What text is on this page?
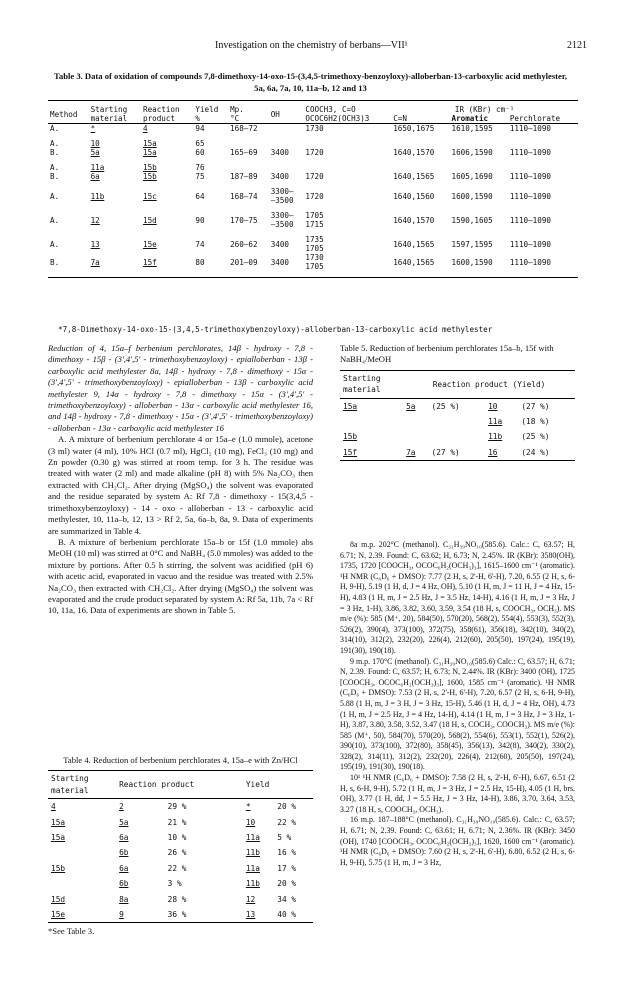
Investigation on the chemistry of berbans—VII¹	2121
Table 3. Data of oxidation of compounds 7,8-dimethoxy-14-oxo-15-(3,4,5-trimethoxy-benzoyloxy)-alloberban-13-carboxylic acid methylester, 5a, 6a, 7a, 10, 11a–b, 12 and 13
Method	Starting	Reaction	Yield	Mp.	OH	COOCH3, C=O	IR (KBr) cm⁻¹		
	material	product	%	°C		OCOC6H2(OCH3)3	C=N	Aromatic	Perchlorate
A.	*	4	94	168–72		1730	1650,1675	1610,1595	1110–1090

A.	10	15a	65						
B.	5a	15a	60	165–69	3400	1720	1640,1570	1606,1590	1110–1090

A.	11a	15b	76						
B.	6a	15b	75	187–89	3400	1720	1640,1565	1605,1690	1110–1090

A.	11b	15c	64	168–74	3300–
–3500	1720	1640,1560	1600,1590	1110–1090

A.	12	15d	90	170–75	3300–
–3500	1705
1715	1640,1570	1590,1605	1110–1090

A.	13	15e	74	260–62	3400	1735
1705	1640,1565	1597,1595	1110–1090
B.	7a	15f	80	201–09	3400	1730
1705	1640,1565	1600,1590	1110–1090
*7,8-Dimethoxy-14-oxo-15-(3,4,5-trimethoxybenzoyloxy)-alloberban-13-carboxylic acid methylester

Reduction of 4, 15a–f berbenium perchlorates, 14β - hydroxy - 7,8 - dimethoxy - 15β - (3',4',5' - trimethoxybenzoyloxy) - epialloberban - 13β - carboxylic acid methylester 8a, 14β - hydroxy - 7,8 - dimethoxy - 15α - (3',4',5' - trimethoxybenzoyloxy) - epialloberban - 13β - carboxylic acid methylester 9, 14α - hydroxy - 7,8 - dimethoxy - 15α - (3',4',5' - trimethoxybenzoyloxy) - alloberban - 13α - carboxylic acid methylester 16, and 14β - hydroxy - 7,8 - dimethoxy - 15α - (3',4',5' - trimethoxybenzoyloxy) - alloberban - 13α - carboxylic acid methylester 16

A. A mixture of berbenium perchlorate 4 or 15a–e (1.0 mmole), acetone (3 ml) water (4 ml), 10% HCl (0.7 ml), HgCl₂ (10 mg), FeCl₃ (10 mg) and Zn powder (0.30 g) was stirred at room temp. for 3 h. The residue was treated with water (2 ml) and made alkaline (pH 8) with 5% Na₂CO₃ then extracted with CH₂Cl₂. After drying (MgSO₄) the solvent was evaporated and the residue separated by system A: Rf 7,8 - dimethoxy - 15(3,4,5 - trimethoxybenzoyloxy) - 14 - oxo - alloberban - 13 - carboxylic acid methylester, 10, 11a–b, 12, 13 > Rf 2, 5a, 6a–b, 8a, 9. Data of experiments are summarized in Table 4.

B. A mixture of berbenium perchlorate 15a–b or 15f (1.0 mmole) abs MeOH (10 ml) was stirred at 0°C and NaBH₄ (5.0 mmoles) was added to the mixture by portions. After 0.5 h stirring, the solvent was acidified (pH 6) with acetic acid, evaporated in vacuo and the residue was treated with 2.5% Na₂CO₃ then extracted with CH₂Cl₂. After drying (MgSO₄) the solvent was evaporated and the crude product separated by system A: Rf 5a, 11b, 7a < Rf 10, 11a, 16. Data of experiments are shown in Table 5.

Table 4. Reduction of berbenium perchlorates 4, 15a–e with Zn/HCl
Starting
material	Reaction product		Yield	
4	2	29 %	*	20 %
15a	5a	21 %	10	22 %
15a	6a	10 %	11a	5 %
	6b	26 %	11b	16 %
15b	6a	22 %	11a	17 %
	6b	3 %	11b	20 %
15d	8a	28 %	12	34 %
15e	9	36 %	13	40 %
*See Table 3.
Table 5. Reduction of berbenium perchlorates 15a–b, 15f with NaBH₄/MeOH
Starting
material	Reaction product (Yield)			
15a	5a	(25 %)	10	(27 %)
			11a	(18 %)
15b			11b	(25 %)
15f	7a	(27 %)	16	(24 %)

8a m.p. 202°C (methanol). C₃₁H₃₉NO₁₀(585.6). Calc.: C, 63.57; H, 6.71; N, 2.39. Found: C, 63.62; H, 6.73; N, 2.45%. IR (KBr): 3580(OH), 1735, 1720 [COOCH₃, OCOC₆H₂(OCH₃)₃], 1615–1600 cm⁻¹ (aromatic). ¹H NMR (C₆D₆ + DMSO): 7.77 (2 H, s, 2'-H, 6'-H), 7.20, 6.55 (2 H, s, 6-H, 9-H), 5.19 (1 H, d, J = 4 Hz, OH), 5.10 (1 H, m, J = 11 H, J = 4 Hz, 15-H), 4.83 (1 H, m, J = 2.5 Hz, J = 3.5 Hz, 14-H), 4.16 (1 H, m, J = 3 Hz, J = 3 Hz, 1-H), 3.86, 3.82, 3.60, 3.59, 3.54 (18 H, s, COOCH₃, OCH₃). MS m/e (%): 585 (M⁺, 20), 584(50), 570(20), 568(2), 554(4), 553(3), 552(3), 526(2), 390(4), 373(100), 372(75), 358(61), 356(18), 342(10), 340(2), 314(10), 312(2), 232(20), 226(4), 212(60), 205(50), 197(24), 195(19), 191(30), 190(18).

9 m.p. 170°C (methanol). C₃₁H₃₉NO₁₀(585.6) Calc.: C, 63.57; H, 6.71; N, 2.39. Found: C, 63.57; H, 6.73; N, 2.44%. IR (KBr): 3400 (OH), 1725 [COOCH₃, OCOC₆H₂(OCH₃)₃], 1600, 1585 cm⁻¹ (aromatic). ¹H NMR (C₆D₆ + DMSO): 7.53 (2 H, s, 2'-H, 6'-H), 7.20, 6.57 (2 H, s, 6-H, 9-H), 5.88 (1 H, m, J = 3 H, J = 3 Hz, 15-H), 5.46 (1 H, d, J = 4 Hz, OH), 4.73 (1 H, m, J = 2.5 Hz, J = 4 Hz, 14-H), 4.14 (1 H, m, J = 3 Hz, J = 3 Hz, 1-H), 3.87, 3.80, 3.58, 3.52, 3.47 (18 H, s, COCH₃, COOCH₃). MS m/e (%): 585 (M⁺, 50), 584(70), 570(20), 568(2), 554(6), 553(1), 552(1), 526(2), 390(10), 373(100), 372(80), 358(45), 356(13), 342(8), 340(2), 330(2), 328(2), 314(11), 312(2), 232(20), 226(4), 212(60), 205(50), 197(24), 195(19), 191(30), 190(18).

10¹ ¹H NMR (C₆D₆ + DMSO): 7.58 (2 H, s, 2'-H, 6'-H), 6.67, 6.51 (2 H, s, 6-H, 9-H), 5.72 (1 H, m, J = 3 Hz, J = 2.5 Hz, 15-H), 4.05 (1 H, brs. OH), 3.77 (1 H, dd, J = 5.5 Hz, J = 3 Hz, 14-H), 3.86, 3.70, 3.64, 3.53, 3.27 (18 H, s, COOCH₃, OCH₃).

16 m.p. 187–188°C (methanol). C₃₁H₃₉NO₁₀(585.6). Calc.: C, 63.57; H, 6.71; N, 2.39. Found: C, 63.61; H, 6.71; N, 2.36%. IR (KBr): 3450 (OH), 1740 [COOCH₃, OCOC₆H₂(OCH₃)₃], 1620, 1600 cm⁻¹ (aromatic). ¹H NMR (C₆D₆ + DMSO): 7.60 (2 H, s, 2'-H, 6'-H), 6.80, 6.52 (2 H, s, 6-H, 9-H), 5.75 (1 H, m, J = 3 Hz,
